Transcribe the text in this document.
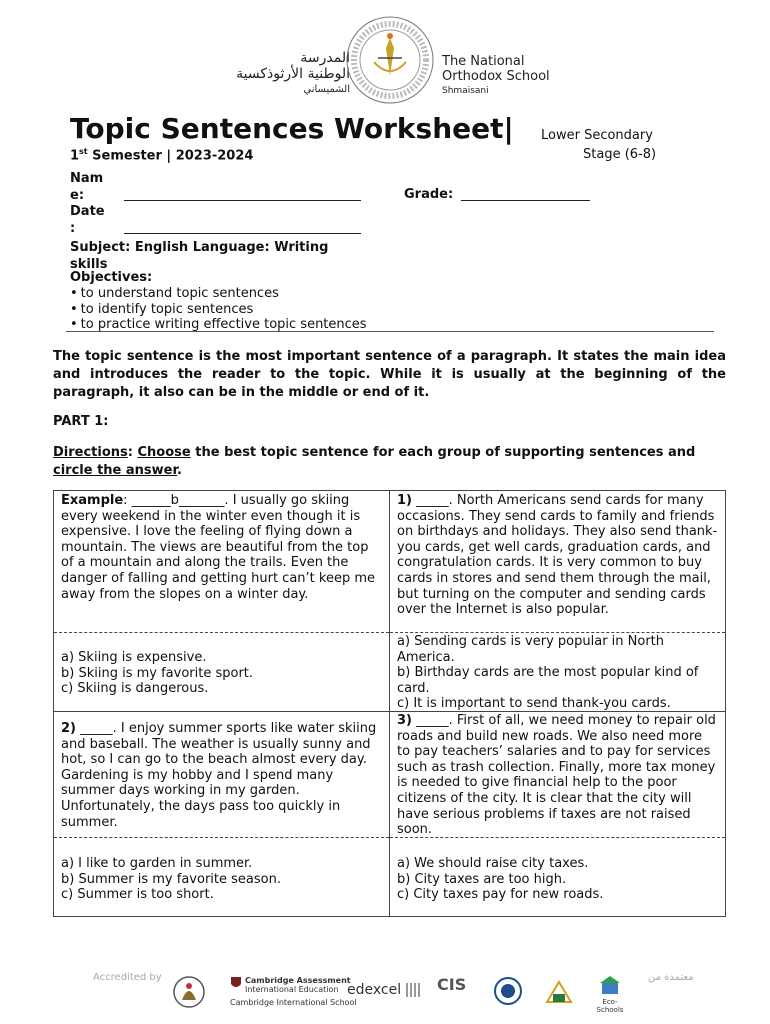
المدرسة
الوطنية الأرثوذكسية
الشميساني
The National
Orthodox School
Shmaisani
Topic Sentences Worksheet| Lower Secondary
1st Semester | 2023-2024	Stage (6-8)
Nam
e:
Date
:
Grade:
Subject: English Language: Writing
skills
Objectives:
• to understand topic sentences
• to identify topic sentences
• to practice writing effective topic sentences

The topic sentence is the most important sentence of a paragraph. It states the main idea and introduces the reader to the topic. While it is usually at the beginning of the paragraph, it also can be in the middle or end of it.

PART 1:

Directions: Choose the best topic sentence for each group of supporting sentences and circle the answer.

Example: ______b_______. I usually go skiing every weekend in the winter even though it is expensive. I love the feeling of flying down a mountain. The views are beautiful from the top of a mountain and along the trails. Even the danger of falling and getting hurt can’t keep me away from the slopes on a winter day.

a) Skiing is expensive.
b) Skiing is my favorite sport.
c) Skiing is dangerous.

1) _____. North Americans send cards for many occasions. They send cards to family and friends on birthdays and holidays. They also send thank-you cards, get well cards, graduation cards, and congratulation cards. It is very common to buy cards in stores and send them through the mail, but turning on the computer and sending cards over the Internet is also popular.

a) Sending cards is very popular in North America.
b) Birthday cards are the most popular kind of card.
c) It is important to send thank-you cards.

2) _____. I enjoy summer sports like water skiing and baseball. The weather is usually sunny and hot, so I can go to the beach almost every day. Gardening is my hobby and I spend many summer days working in my garden. Unfortunately, the days pass too quickly in summer.

a) I like to garden in summer.
b) Summer is my favorite season.
c) Summer is too short.

3) _____. First of all, we need money to repair old roads and build new roads. We also need more to pay teachers’ salaries and to pay for services such as trash collection. Finally, more tax money is needed to give financial help to the poor citizens of the city. It is clear that the city will have serious problems if taxes are not raised soon.

a) We should raise city taxes.
b) City taxes are too high.
c) City taxes pay for new roads.
Accredited by	معتمدة من
Cambridge Assessment
International Education
Cambridge International School
edexcel	CIS
Eco-Schools
